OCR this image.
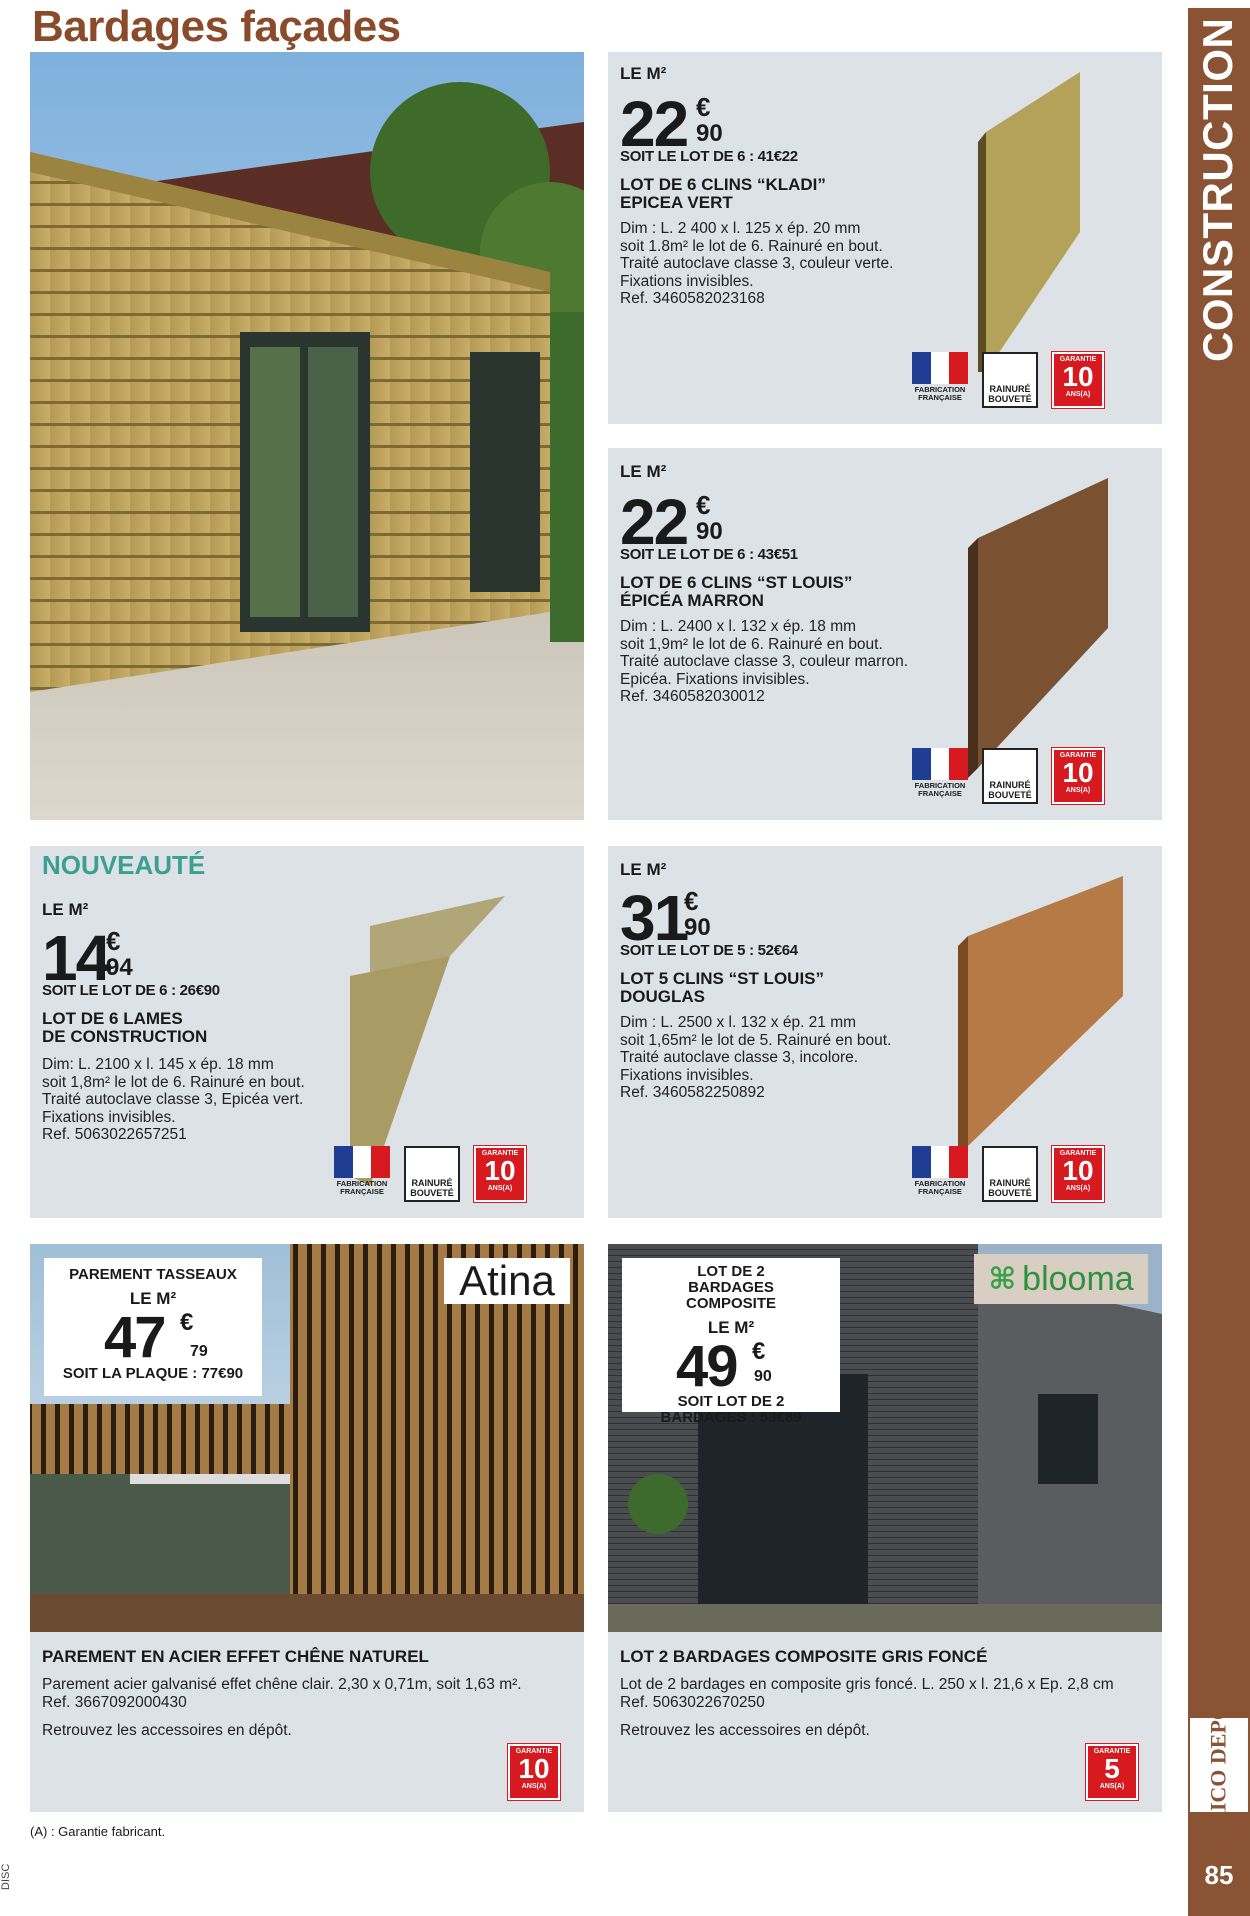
Bardages façades	CONSTRUCTION
BRICO DEPÔT
85
DISC
LE M²
22 €
90
SOIT LE LOT DE 6 : 41€22
LOT DE 6 CLINS “KLADI”
EPICEA VERT
Dim : L. 2 400 x l. 125 x ép. 20 mm
soit 1.8m² le lot de 6. Rainuré en bout.
Traité autoclave classe 3, couleur verte.
Fixations invisibles.
Ref. 3460582023168
FABRICATION FRANÇAISE
RAINURÉ BOUVETÉ
GARANTIE
10
ANS(A)
LE M²
22 €
90
SOIT LE LOT DE 6 : 43€51
LOT DE 6 CLINS “ST LOUIS”
ÉPICÉA MARRON
Dim : L. 2400 x l. 132 x ép. 18 mm
soit 1,9m² le lot de 6. Rainuré en bout.
Traité autoclave classe 3, couleur marron.
Epicéa. Fixations invisibles.
Ref. 3460582030012
FABRICATION FRANÇAISE
RAINURÉ BOUVETÉ
GARANTIE
10
ANS(A)
NOUVEAUTÉ
LE M²
14
€
94
SOIT LE LOT DE 6 : 26€90
LOT DE 6 LAMES
DE CONSTRUCTION
Dim: L. 2100 x l. 145 x ép. 18 mm
soit 1,8m² le lot de 6. Rainuré en bout.
Traité autoclave classe 3, Epicéa vert.
Fixations invisibles.
Ref. 5063022657251
FABRICATION FRANÇAISE
RAINURÉ BOUVETÉ
GARANTIE
10
ANS(A)
LE M²
31
€
90
SOIT LE LOT DE 5 : 52€64
LOT 5 CLINS “ST LOUIS”
DOUGLAS
Dim : L. 2500 x l. 132 x ép. 21 mm
soit 1,65m² le lot de 5. Rainuré en bout.
Traité autoclave classe 3, incolore.
Fixations invisibles.
Ref. 3460582250892
FABRICATION FRANÇAISE
RAINURÉ BOUVETÉ
GARANTIE
10
ANS(A)
PAREMENT TASSEAUX
LE M²
47 €
79
SOIT LA PLAQUE : 77€90
Atina
PAREMENT EN ACIER EFFET CHÊNE NATUREL
Parement acier galvanisé effet chêne clair. 2,30 x 0,71m, soit 1,63 m².
Ref. 3667092000430
Retrouvez les accessoires en dépôt.
GARANTIE
10
ANS(A)
LOT DE 2 BARDAGES COMPOSITE
LE M²
49 €
90
SOIT LOT DE 2 BARDAGES : 53€89
⌘ blooma
LOT 2 BARDAGES COMPOSITE GRIS FONCÉ
Lot de 2 bardages en composite gris foncé. L. 250 x l. 21,6 x Ep. 2,8 cm
Ref. 5063022670250
Retrouvez les accessoires en dépôt.
GARANTIE
5
ANS(A)
(A) : Garantie fabricant.
